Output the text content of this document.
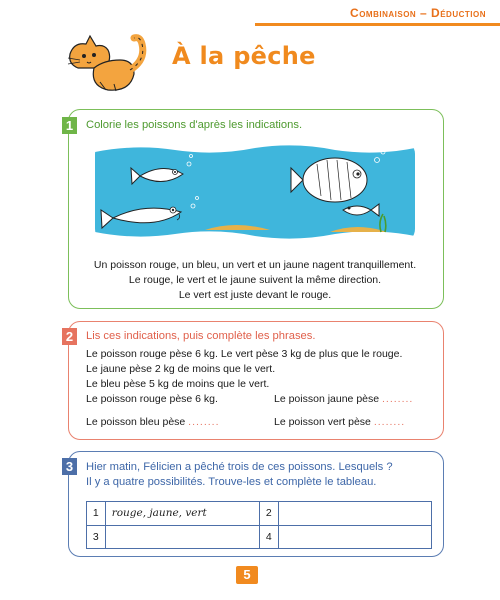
Combinaison – Déduction
À la pêche
1	Colorie les poissons d'après les indications.
Un poisson rouge, un bleu, un vert et un jaune nagent tranquillement.
Le rouge, le vert et le jaune suivent la même direction.
Le vert est juste devant le rouge.
2	Lis ces indications, puis complète les phrases.
Le poisson rouge pèse 6 kg. Le vert pèse 3 kg de plus que le rouge.
Le jaune pèse 2 kg de moins que le vert.
Le bleu pèse 5 kg de moins que le vert.
Le poisson rouge pèse 6 kg.	Le poisson jaune pèse ........
Le poisson bleu pèse ........	Le poisson vert pèse ........
3	Hier matin, Félicien a pêché trois de ces poissons. Lesquels ?
Il y a quatre possibilités. Trouve-les et complète le tableau.
1	rouge, jaune, vert	2	
3		4	
5
